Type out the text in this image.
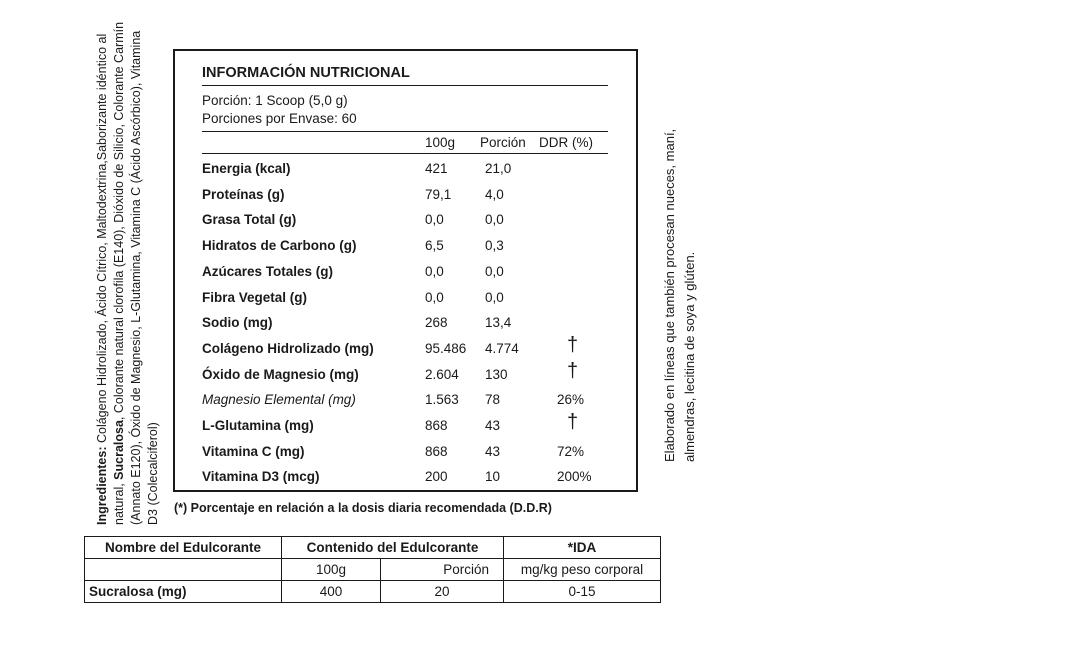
Ingredientes: Colágeno Hidrolizado, Ácido Cítrico, Maltodextrina,Saborizante idéntico al natural, Sucralosa, Colorante natural clorofila (E140), Dióxido de Silicio, Colorante Carmín (Annato E120), Óxido de Magnesio, L-Glutamina, Vitamina C (Ácido Ascórbico), Vitamina D3 (Colecalciferol)
Elaborado en líneas que también procesan nueces, maní, almendras, lecitina de soya y glúten.
INFORMACIÓN NUTRICIONAL
Porción: 1 Scoop (5,0 g)
Porciones por Envase: 60
100g Porción DDR (%)
Energia (kcal)	421	21,0
Proteínas (g)	79,1 4,0
Grasa Total (g)	0,0	0,0
Hidratos de Carbono (g)	6,5	0,3
Azúcares Totales (g)	0,0	0,0
Fibra Vegetal (g)	0,0	0,0
Sodio (mg)	268	13,4
Colágeno Hidrolizado (mg)	95.486 4.774 †
Óxido de Magnesio (mg)	2.604 130	†
Magnesio Elemental (mg)	1.563 78	26%
L-Glutamina (mg)	868	43	†
Vitamina C (mg)	868	43	72%
Vitamina D3 (mcg)	200	10	200%
(*) Porcentaje en relación a la dosis diaria recomendada (D.D.R)
Nombre del Edulcorante	Contenido del Edulcorante		*IDA
	100g	Porción	mg/kg peso corporal
Sucralosa (mg)	400	20	0-15
